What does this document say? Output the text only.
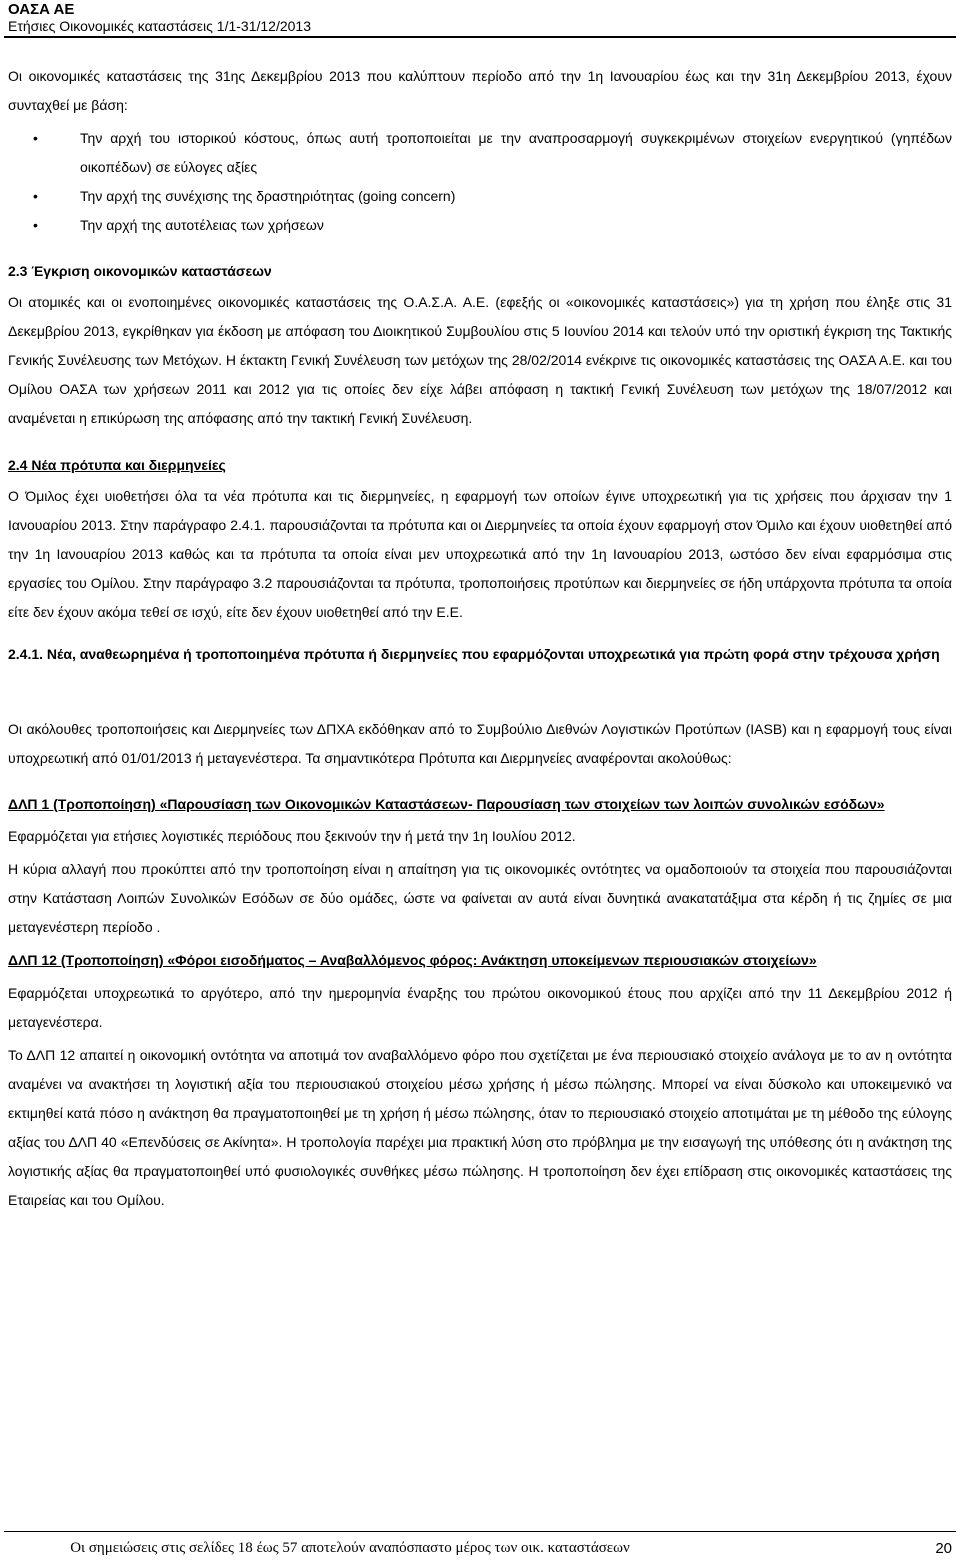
ΟΑΣΑ ΑΕ
Ετήσιες Οικονομικές καταστάσεις 1/1-31/12/2013

Οι οικονομικές καταστάσεις της 31ης Δεκεμβρίου 2013 που καλύπτουν περίοδο από την 1η Ιανουαρίου έως και την 31η Δεκεμβρίου 2013, έχουν συνταχθεί με βάση:

• Την αρχή του ιστορικού κόστους, όπως αυτή τροποποιείται με την αναπροσαρμογή συγκεκριμένων στοιχείων ενεργητικού (γηπέδων οικοπέδων) σε εύλογες αξίες
• Την αρχή της συνέχισης της δραστηριότητας (going concern)
• Την αρχή της αυτοτέλειας των χρήσεων

2.3 Έγκριση οικονομικών καταστάσεων

Οι ατομικές και οι ενοποιημένες οικονομικές καταστάσεις της Ο.Α.Σ.Α. Α.Ε. (εφεξής οι «οικονομικές καταστάσεις») για τη χρήση που έληξε στις 31 Δεκεμβρίου 2013, εγκρίθηκαν για έκδοση με απόφαση του Διοικητικού Συμβουλίου στις 5 Ιουνίου 2014 και τελούν υπό την οριστική έγκριση της Τακτικής Γενικής Συνέλευσης των Μετόχων. Η έκτακτη Γενική Συνέλευση των μετόχων της 28/02/2014 ενέκρινε τις οικονομικές καταστάσεις της ΟΑΣΑ Α.Ε. και του Ομίλου ΟΑΣΑ των χρήσεων 2011 και 2012 για τις οποίες δεν είχε λάβει απόφαση η τακτική Γενική Συνέλευση των μετόχων της 18/07/2012 και αναμένεται η επικύρωση της απόφασης από την τακτική Γενική Συνέλευση.

2.4 Νέα πρότυπα και διερμηνείες

Ο Όμιλος έχει υιοθετήσει όλα τα νέα πρότυπα και τις διερμηνείες, η εφαρμογή των οποίων έγινε υποχρεωτική για τις χρήσεις που άρχισαν την 1 Ιανουαρίου 2013. Στην παράγραφο 2.4.1. παρουσιάζονται τα πρότυπα και οι Διερμηνείες τα οποία έχουν εφαρμογή στον Όμιλο και έχουν υιοθετηθεί από την 1η Ιανουαρίου 2013 καθώς και τα πρότυπα τα οποία είναι μεν υποχρεωτικά από την 1η Ιανουαρίου 2013, ωστόσο δεν είναι εφαρμόσιμα στις εργασίες του Ομίλου. Στην παράγραφο 3.2 παρουσιάζονται τα πρότυπα, τροποποιήσεις προτύπων και διερμηνείες σε ήδη υπάρχοντα πρότυπα τα οποία είτε δεν έχουν ακόμα τεθεί σε ισχύ, είτε δεν έχουν υιοθετηθεί από την Ε.Ε.

2.4.1. Νέα, αναθεωρημένα ή τροποποιημένα πρότυπα ή διερμηνείες που εφαρμόζονται υποχρεωτικά για πρώτη φορά στην τρέχουσα χρήση

Οι ακόλουθες τροποποιήσεις και Διερμηνείες των ΔΠΧΑ εκδόθηκαν από το Συμβούλιο Διεθνών Λογιστικών Προτύπων (IASB) και η εφαρμογή τους είναι υποχρεωτική από 01/01/2013 ή μεταγενέστερα. Τα σημαντικότερα Πρότυπα και Διερμηνείες αναφέρονται ακολούθως:

ΔΛΠ 1 (Τροποποίηση) «Παρουσίαση των Οικονομικών Καταστάσεων- Παρουσίαση των στοιχείων των λοιπών συνολικών εσόδων»

Εφαρμόζεται για ετήσιες λογιστικές περιόδους που ξεκινούν την ή μετά την 1η Ιουλίου 2012.

Η κύρια αλλαγή που προκύπτει από την τροποποίηση είναι η απαίτηση για τις οικονομικές οντότητες να ομαδοποιούν τα στοιχεία που παρουσιάζονται στην Κατάσταση Λοιπών Συνολικών Εσόδων σε δύο ομάδες, ώστε να φαίνεται αν αυτά είναι δυνητικά ανακατατάξιμα στα κέρδη ή τις ζημίες σε μια μεταγενέστερη περίοδο .

ΔΛΠ 12 (Τροποποίηση) «Φόροι εισοδήματος – Αναβαλλόμενος φόρος: Ανάκτηση υποκείμενων περιουσιακών στοιχείων»

Εφαρμόζεται υποχρεωτικά το αργότερο, από την ημερομηνία έναρξης του πρώτου οικονομικού έτους που αρχίζει από την 11 Δεκεμβρίου 2012 ή μεταγενέστερα.

Το ΔΛΠ 12 απαιτεί η οικονομική οντότητα να αποτιμά τον αναβαλλόμενο φόρο που σχετίζεται με ένα περιουσιακό στοιχείο ανάλογα με το αν η οντότητα αναμένει να ανακτήσει τη λογιστική αξία του περιουσιακού στοιχείου μέσω χρήσης ή μέσω πώλησης. Μπορεί να είναι δύσκολο και υποκειμενικό να εκτιμηθεί κατά πόσο η ανάκτηση θα πραγματοποιηθεί με τη χρήση ή μέσω πώλησης, όταν το περιουσιακό στοιχείο αποτιμάται με τη μέθοδο της εύλογης αξίας του ΔΛΠ 40 «Επενδύσεις σε Ακίνητα». Η τροπολογία παρέχει μια πρακτική λύση στο πρόβλημα με την εισαγωγή της υπόθεσης ότι η ανάκτηση της λογιστικής αξίας θα πραγματοποιηθεί υπό φυσιολογικές συνθήκες μέσω πώλησης. Η τροποποίηση δεν έχει επίδραση στις οικονομικές καταστάσεις της Εταιρείας και του Ομίλου.

Οι σημειώσεις στις σελίδες 18 έως 57 αποτελούν αναπόσπαστο μέρος των οικ. καταστάσεων	20
